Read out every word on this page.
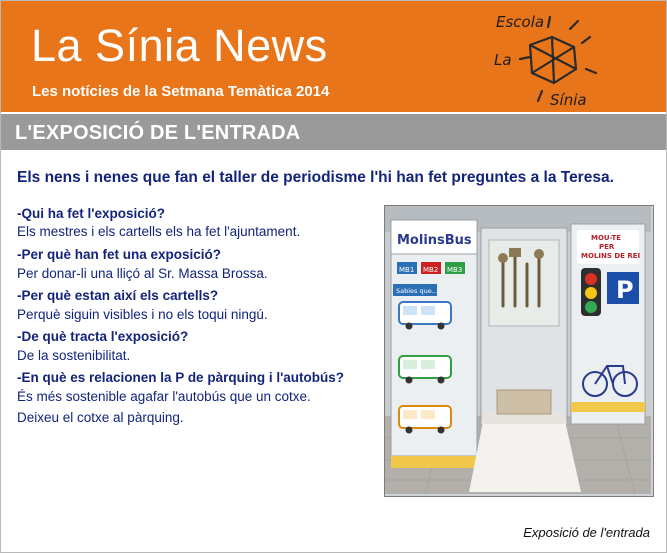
La Sínia News
Les notícies de la Setmana Temàtica 2014
Escola
La
Sínia
L'EXPOSICIÓ DE L'ENTRADA
Els nens i nenes que fan el taller de periodisme l'hi han fet preguntes a la Teresa.
-Qui ha fet l'exposició?
Els mestres i els cartells els ha fet l'ajuntament.
-Per què han fet una exposició?
Per donar-li una lliçó al Sr. Massa Brossa.
-Per què estan així els cartells?
Perquè siguin visibles i no els toqui ningú.
-De què tracta l'exposició?
De la sostenibilitat.
-En què es relacionen la P de pàrquing i l'autobús?
És més sostenible agafar l'autobús que un cotxe.
Deixeu el cotxe al pàrquing.
MolinsBus
MB1 MB2 MB3
MOU-TE
PER
MOLINS DE REI
P
Sabies que...
Exposició de l'entrada
